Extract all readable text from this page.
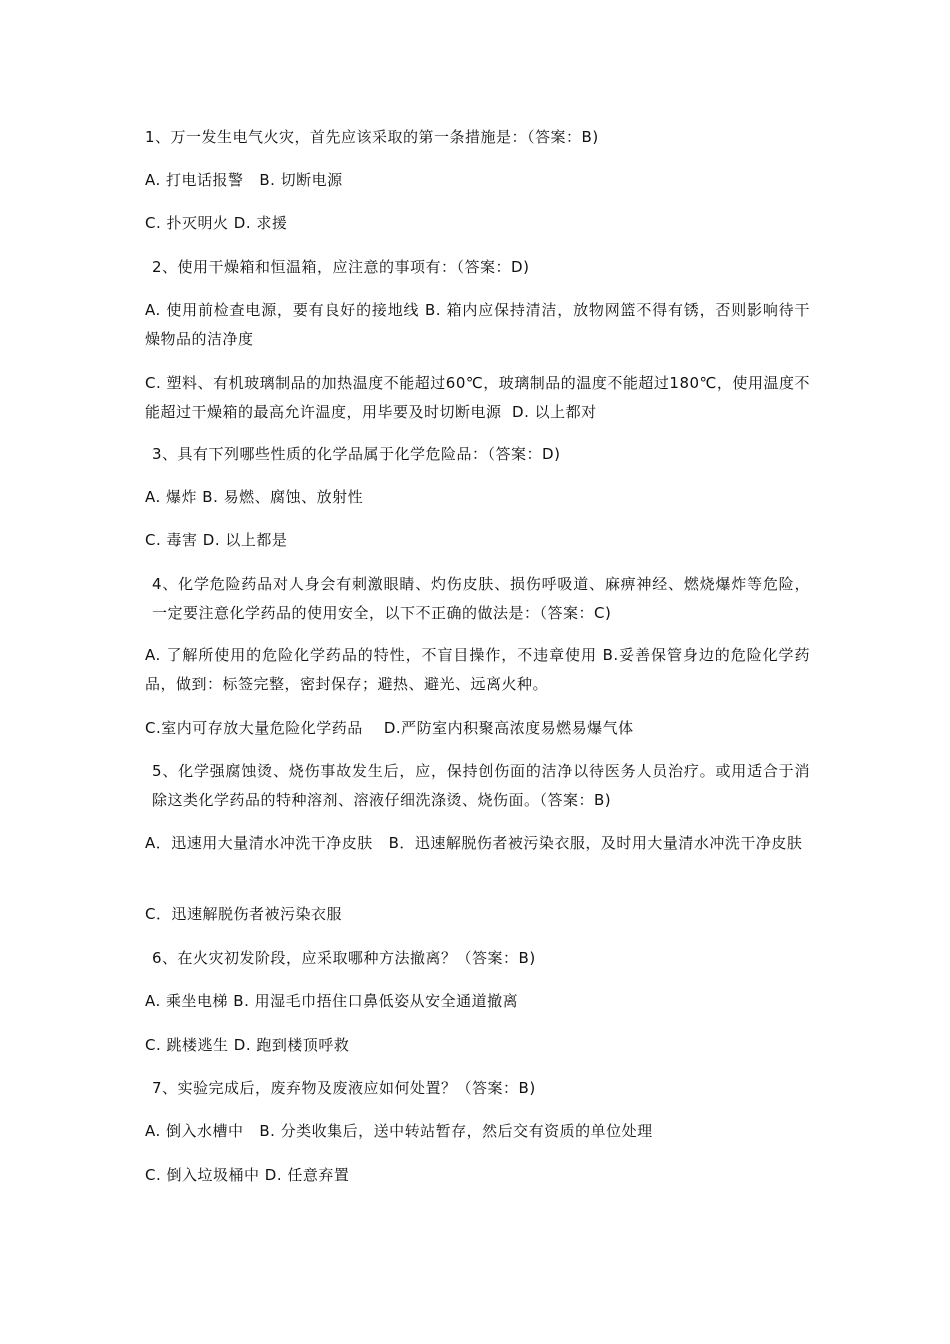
1、万一发生电气火灾，首先应该采取的第一条措施是：（答案：B)
A. 打电话报警   B. 切断电源
C. 扑灭明火 D. 求援
2、使用干燥箱和恒温箱，应注意的事项有：（答案：D)
A. 使用前检查电源，要有良好的接地线 B. 箱内应保持清洁，放物网篮不得有锈，否则影响待干燥物品的洁净度
C. 塑料、有机玻璃制品的加热温度不能超过60℃，玻璃制品的温度不能超过180℃，使用温度不能超过干燥箱的最高允许温度，用毕要及时切断电源  D. 以上都对
3、具有下列哪些性质的化学品属于化学危险品：（答案：D)
A. 爆炸 B. 易燃、腐蚀、放射性
C. 毒害 D. 以上都是
4、化学危险药品对人身会有刺激眼睛、灼伤皮肤、损伤呼吸道、麻痹神经、燃烧爆炸等危险，一定要注意化学药品的使用安全，以下不正确的做法是：（答案：C)
A. 了解所使用的危险化学药品的特性，不盲目操作，不违章使用 B.妥善保管身边的危险化学药品，做到：标签完整，密封保存；避热、避光、远离火种。
C.室内可存放大量危险化学药品    D.严防室内积聚高浓度易燃易爆气体
5、化学强腐蚀烫、烧伤事故发生后，应，保持创伤面的洁净以待医务人员治疗。或用适合于消除这类化学药品的特种溶剂、溶液仔细洗涤烫、烧伤面。（答案：B)
A．迅速用大量清水冲洗干净皮肤   B．迅速解脱伤者被污染衣服，及时用大量清水冲洗干净皮肤
C．迅速解脱伤者被污染衣服
6、在火灾初发阶段，应采取哪种方法撤离？（答案：B)
A. 乘坐电梯 B. 用湿毛巾捂住口鼻低姿从安全通道撤离
C. 跳楼逃生 D. 跑到楼顶呼救
7、实验完成后，废弃物及废液应如何处置？（答案：B)
A. 倒入水槽中   B. 分类收集后，送中转站暂存，然后交有资质的单位处理
C. 倒入垃圾桶中 D. 任意弃置
